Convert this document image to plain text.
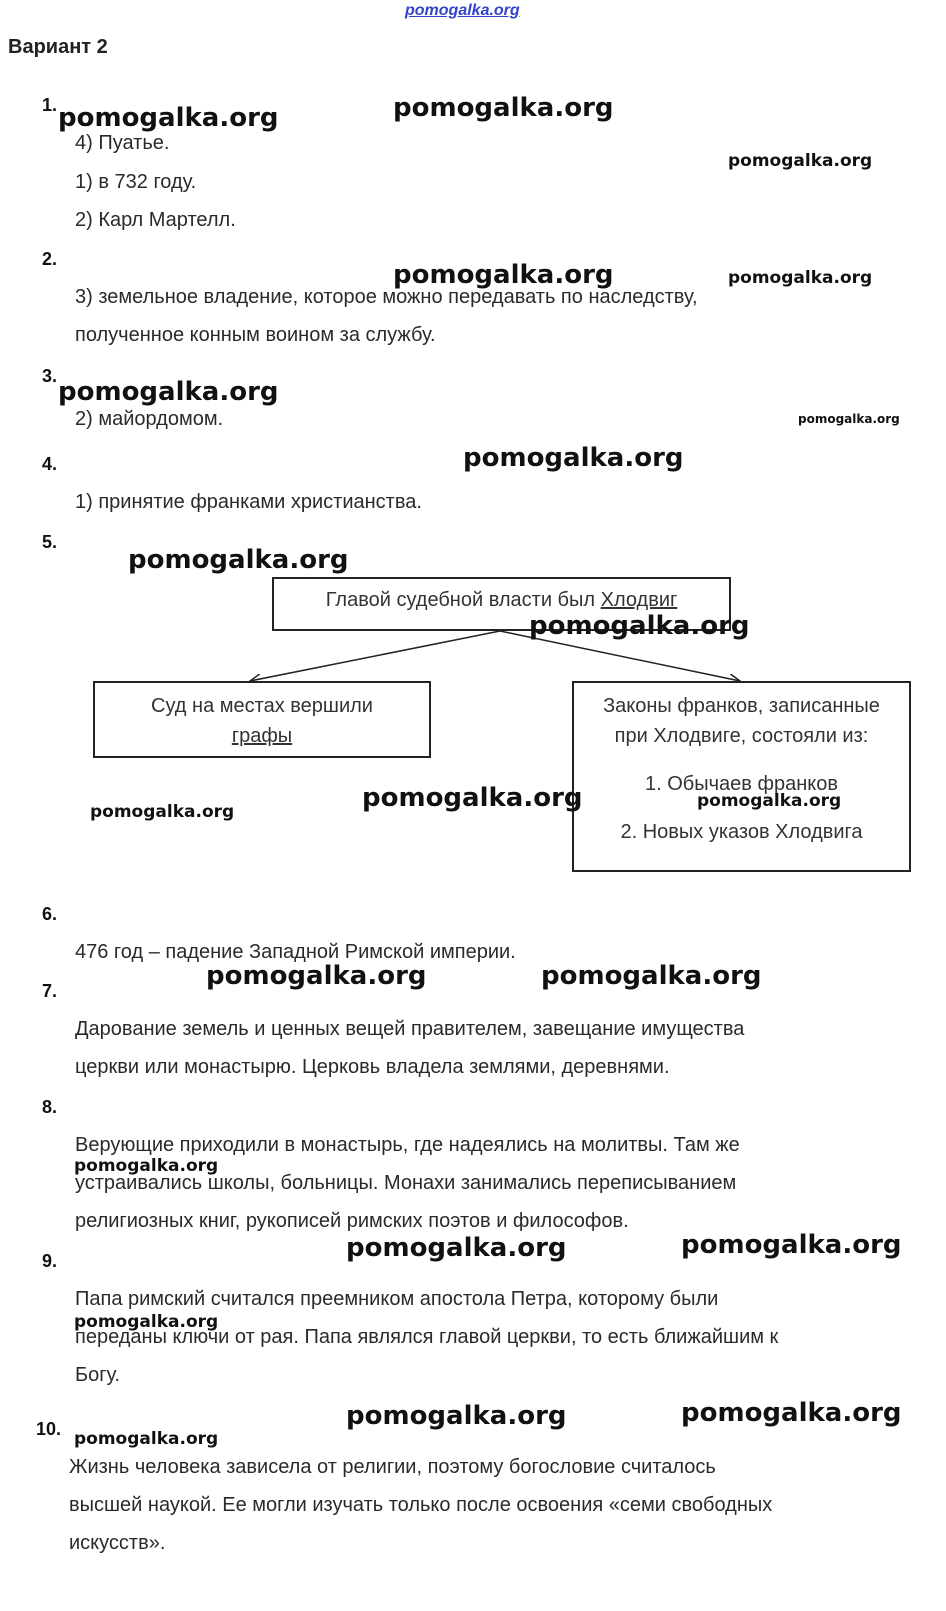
pomogalka.org
Вариант 2
1.
4) Пуатье.
1) в 732 году.
2) Карл Мартелл.
2.
3) земельное владение, которое можно передавать по наследству,
полученное конным воином за службу.
3.
2) майордомом.
4.
1) принятие франками христианства.
5.
Главой судебной власти был Хлодвиг
Суд на местах вершили
графы
Законы франков, записанные
при Хлодвиге, состояли из:
1. Обычаев франков
2. Новых указов Хлодвига
6.
476 год – падение Западной Римской империи.
7.
Дарование земель и ценных вещей правителем, завещание имущества
церкви или монастырю. Церковь владела землями, деревнями.
8.
Верующие приходили в монастырь, где надеялись на молитвы. Там же
устраивались школы, больницы. Монахи занимались переписыванием
религиозных книг, рукописей римских поэтов и философов.
9.
Папа римский считался преемником апостола Петра, которому были
переданы ключи от рая. Папа являлся главой церкви, то есть ближайшим к
Богу.
10.
Жизнь человека зависела от религии, поэтому богословие считалось
высшей наукой. Ее могли изучать только после освоения «семи свободных
искусств».
pomogalka.org	pomogalka.org
pomogalka.org
pomogalka.org	pomogalka.org
pomogalka.org
pomogalka.org
pomogalka.org
pomogalka.org
pomogalka.org
pomogalka.org	pomogalka.org	pomogalka.org
pomogalka.org	pomogalka.org
pomogalka.org
pomogalka.org	pomogalka.org
pomogalka.org
pomogalka.org	pomogalka.org
pomogalka.org
